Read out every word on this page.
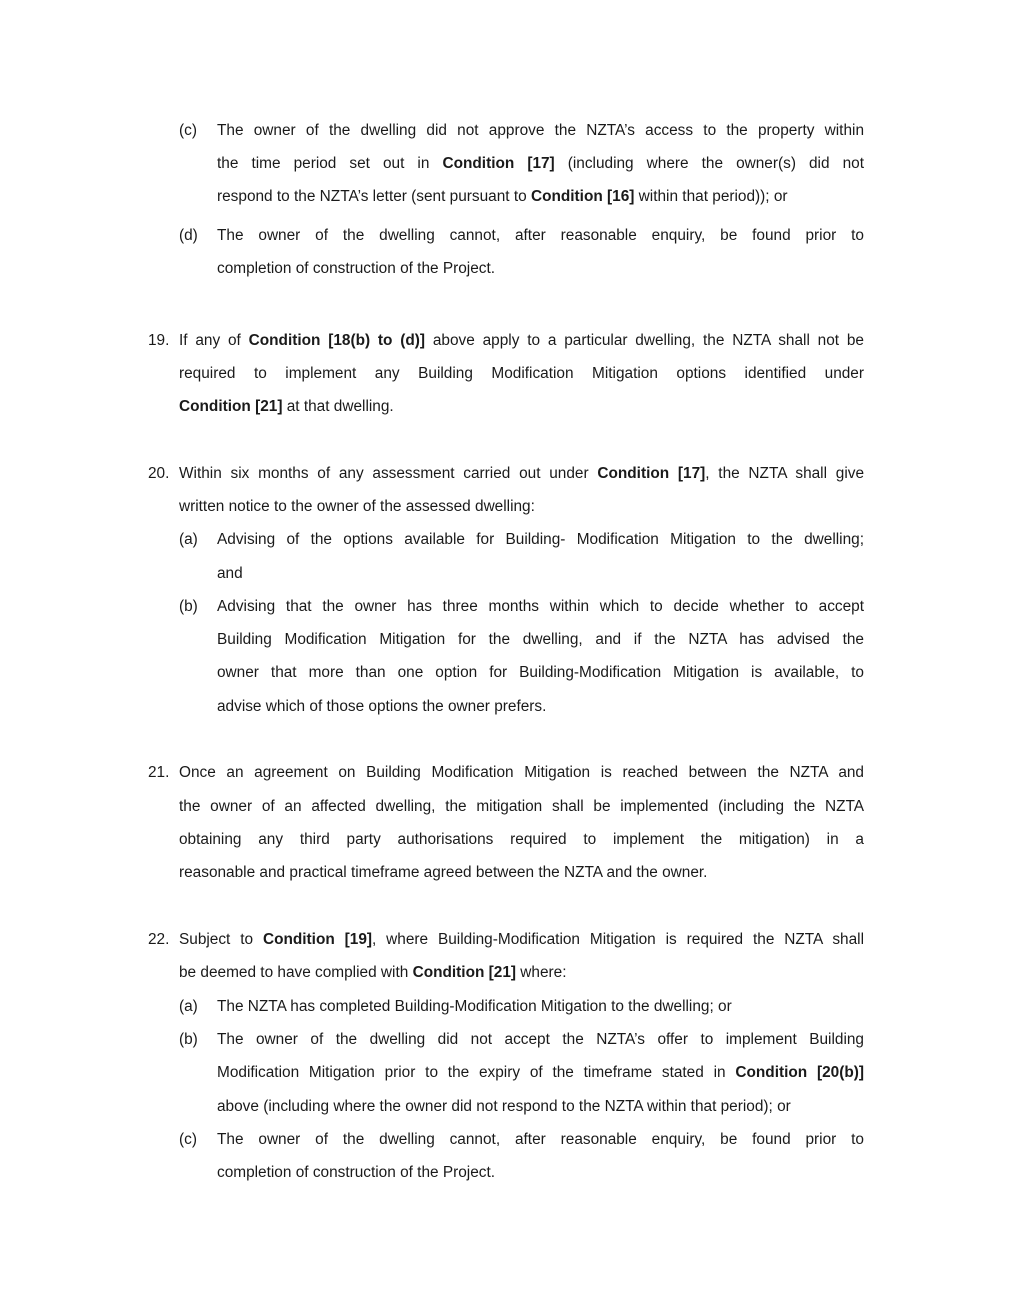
(c) The owner of the dwelling did not approve the NZTA’s access to the property within
the time period set out in Condition [17] (including where the owner(s) did not
respond to the NZTA’s letter (sent pursuant to Condition [16] within that period)); or
(d) The owner of the dwelling cannot, after reasonable enquiry, be found prior to
completion of construction of the Project.
19. If any of Condition [18(b) to (d)] above apply to a particular dwelling, the NZTA shall not be
required to implement any Building Modification Mitigation options identified under
Condition [21] at that dwelling.
20. Within six months of any assessment carried out under Condition [17], the NZTA shall give
written notice to the owner of the assessed dwelling:
(a) Advising of the options available for Building- Modification Mitigation to the dwelling;
and
(b) Advising that the owner has three months within which to decide whether to accept
Building Modification Mitigation for the dwelling, and if the NZTA has advised the
owner that more than one option for Building-Modification Mitigation is available, to
advise which of those options the owner prefers.
21. Once an agreement on Building Modification Mitigation is reached between the NZTA and
the owner of an affected dwelling, the mitigation shall be implemented (including the NZTA
obtaining any third party authorisations required to implement the mitigation) in a
reasonable and practical timeframe agreed between the NZTA and the owner.
22. Subject to Condition [19], where Building-Modification Mitigation is required the NZTA shall
be deemed to have complied with Condition [21] where:
(a) The NZTA has completed Building-Modification Mitigation to the dwelling; or
(b) The owner of the dwelling did not accept the NZTA’s offer to implement Building
Modification Mitigation prior to the expiry of the timeframe stated in Condition [20(b)]
above (including where the owner did not respond to the NZTA within that period); or
(c) The owner of the dwelling cannot, after reasonable enquiry, be found prior to
completion of construction of the Project.
